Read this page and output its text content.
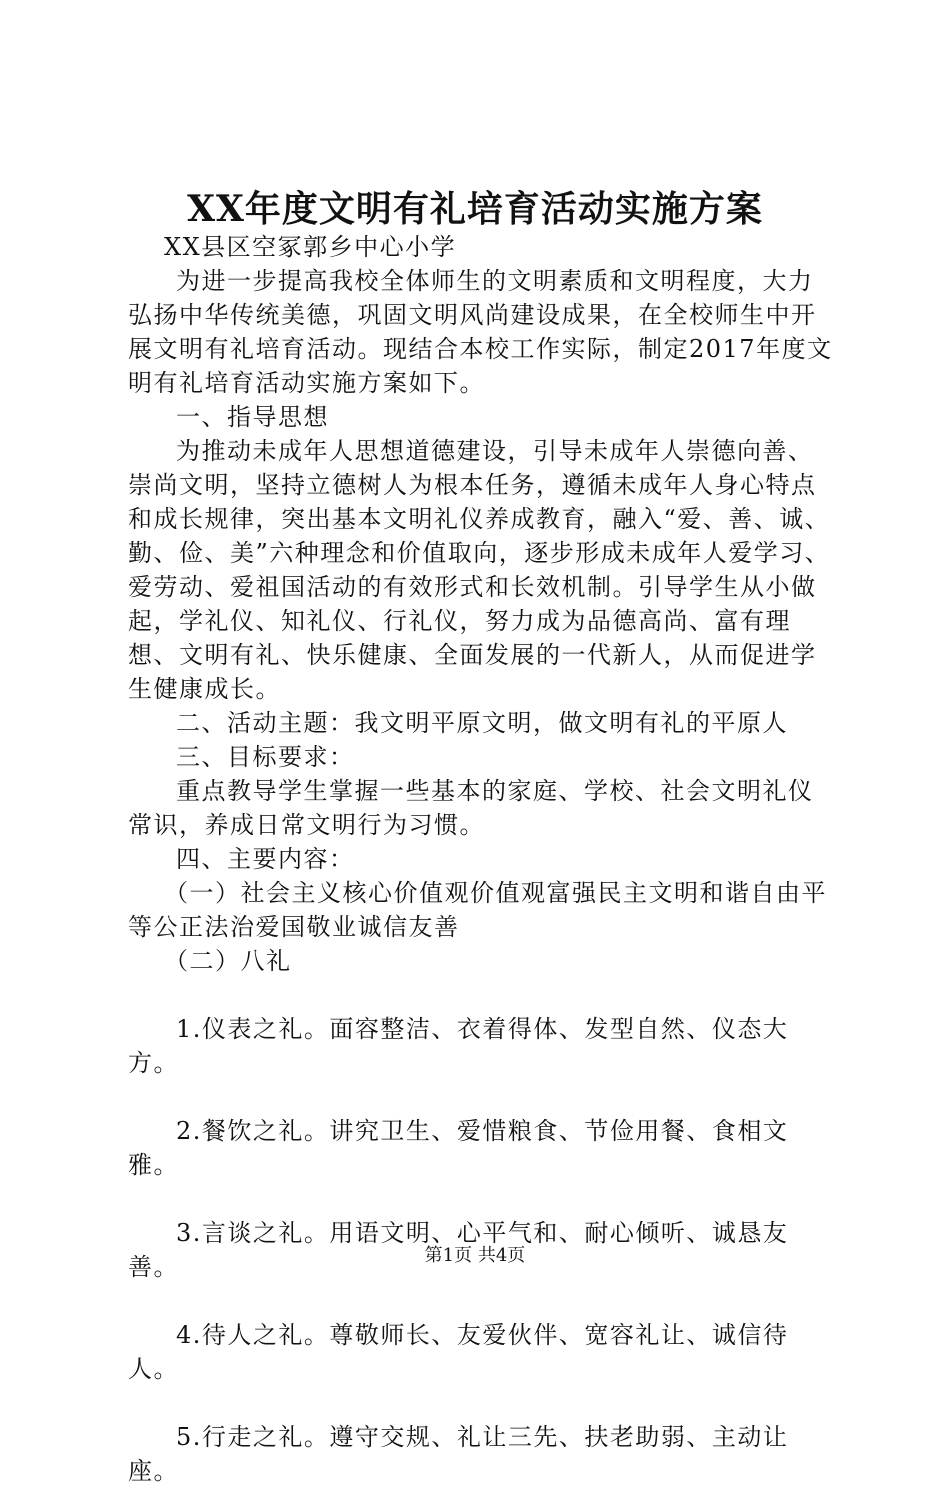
XX年度文明有礼培育活动实施方案

XX县区空冢郭乡中心小学

为进一步提高我校全体师生的文明素质和文明程度，大力弘扬中华传统美德，巩固文明风尚建设成果，在全校师生中开展文明有礼培育活动。现结合本校工作实际，制定2017年度文明有礼培育活动实施方案如下。

一、指导思想

为推动未成年人思想道德建设，引导未成年人崇德向善、崇尚文明，坚持立德树人为根本任务，遵循未成年人身心特点和成长规律，突出基本文明礼仪养成教育，融入“爱、善、诚、勤、俭、美”六种理念和价值取向，逐步形成未成年人爱学习、爱劳动、爱祖国活动的有效形式和长效机制。引导学生从小做起，学礼仪、知礼仪、行礼仪，努力成为品德高尚、富有理想、文明有礼、快乐健康、全面发展的一代新人，从而促进学生健康成长。

二、活动主题：我文明平原文明，做文明有礼的平原人

三、目标要求：

重点教导学生掌握一些基本的家庭、学校、社会文明礼仪常识，养成日常文明行为习惯。

四、主要内容：

（一）社会主义核心价值观价值观富强民主文明和谐自由平等公正法治爱国敬业诚信友善

（二）八礼

1.仪表之礼。面容整洁、衣着得体、发型自然、仪态大方。

2.餐饮之礼。讲究卫生、爱惜粮食、节俭用餐、食相文雅。

3.言谈之礼。用语文明、心平气和、耐心倾听、诚恳友善。

4.待人之礼。尊敬师长、友爱伙伴、宽容礼让、诚信待人。

5.行走之礼。遵守交规、礼让三先、扶老助弱、主动让座。

第1页 共4页
